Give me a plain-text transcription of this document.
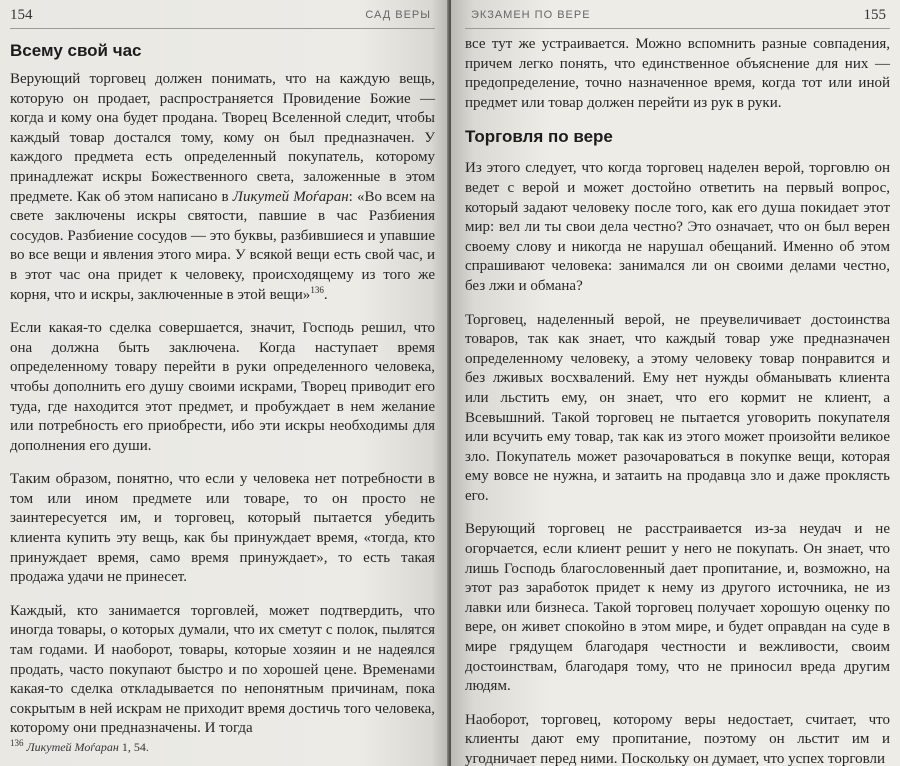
154	САД ВЕРЫ
Всему свой час

Верующий торговец должен понимать, что на каждую вещь, которую он продает, распространяется Провидение Божие — когда и кому она будет продана. Творец Вселенной следит, чтобы каждый товар достался тому, кому он был предназначен. У каждого предмета есть определенный покупатель, которому принадлежат искры Божественного света, заложенные в этом предмете. Как об этом написано в Ликутей Моѓаран: «Во всем на свете заключены искры святости, павшие в час Разбиения сосудов. Разбиение сосудов — это буквы, разбившиеся и упавшие во все вещи и явления этого мира. У всякой вещи есть свой час, и в этот час она придет к человеку, происходящему из того же корня, что и искры, заключенные в этой вещи»$^{136}$.

Если какая-то сделка совершается, значит, Господь решил, что она должна быть заключена. Когда наступает время определенному товару перейти в руки определенного человека, чтобы дополнить его душу своими искрами, Творец приводит его туда, где находится этот предмет, и пробуждает в нем желание или потребность его приобрести, ибо эти искры необходимы для дополнения его души.

Таким образом, понятно, что если у человека нет потребности в том или ином предмете или товаре, то он просто не заинтересуется им, и торговец, который пытается убедить клиента купить эту вещь, как бы принуждает время, «тогда, кто принуждает время, само время принуждает», то есть такая продажа удачи не принесет.

Каждый, кто занимается торговлей, может подтвердить, что иногда товары, о которых думали, что их сметут с полок, пылятся там годами. И наоборот, товары, которые хозяин и не надеялся продать, часто покупают быстро и по хорошей цене. Временами какая-то сделка откладывается по непонятным причинам, пока сокрытым в ней искрам не приходит время достичь того человека, которому они предназначены. И тогда

$^{136}$ Ликутей Моѓаран 1, 54.
ЭКЗАМЕН ПО ВЕРЕ	155

все тут же устраивается. Можно вспомнить разные совпадения, причем легко понять, что единственное объяснение для них — предопределение, точно назначенное время, когда тот или иной предмет или товар должен перейти из рук в руки.

Торговля по вере

Из этого следует, что когда торговец наделен верой, торговлю он ведет с верой и может достойно ответить на первый вопрос, который задают человеку после того, как его душа покидает этот мир: вел ли ты свои дела честно? Это означает, что он был верен своему слову и никогда не нарушал обещаний. Именно об этом спрашивают человека: занимался ли он своими делами честно, без лжи и обмана?

Торговец, наделенный верой, не преувеличивает достоинства товаров, так как знает, что каждый товар уже предназначен определенному человеку, а этому человеку товар понравится и без лживых восхвалений. Ему нет нужды обманывать клиента или льстить ему, он знает, что его кормит не клиент, а Всевышний. Такой торговец не пытается уговорить покупателя или всучить ему товар, так как из этого может произойти великое зло. Покупатель может разочароваться в покупке вещи, которая ему вовсе не нужна, и затаить на продавца зло и даже проклясть его.

Верующий торговец не расстраивается из-за неудач и не огорчается, если клиент решит у него не покупать. Он знает, что лишь Господь благословенный дает пропитание, и, возможно, на этот раз заработок придет к нему из другого источника, не из лавки или бизнеса. Такой торговец получает хорошую оценку по вере, он живет спокойно в этом мире, и будет оправдан на суде в мире грядущем благодаря честности и вежливости, своим достоинствам, благодаря тому, что не приносил вреда другим людям.

Наоборот, торговец, которому веры недостает, считает, что клиенты дают ему пропитание, поэтому он льстит им и угодничает перед ними. Поскольку он думает, что успех торговли
